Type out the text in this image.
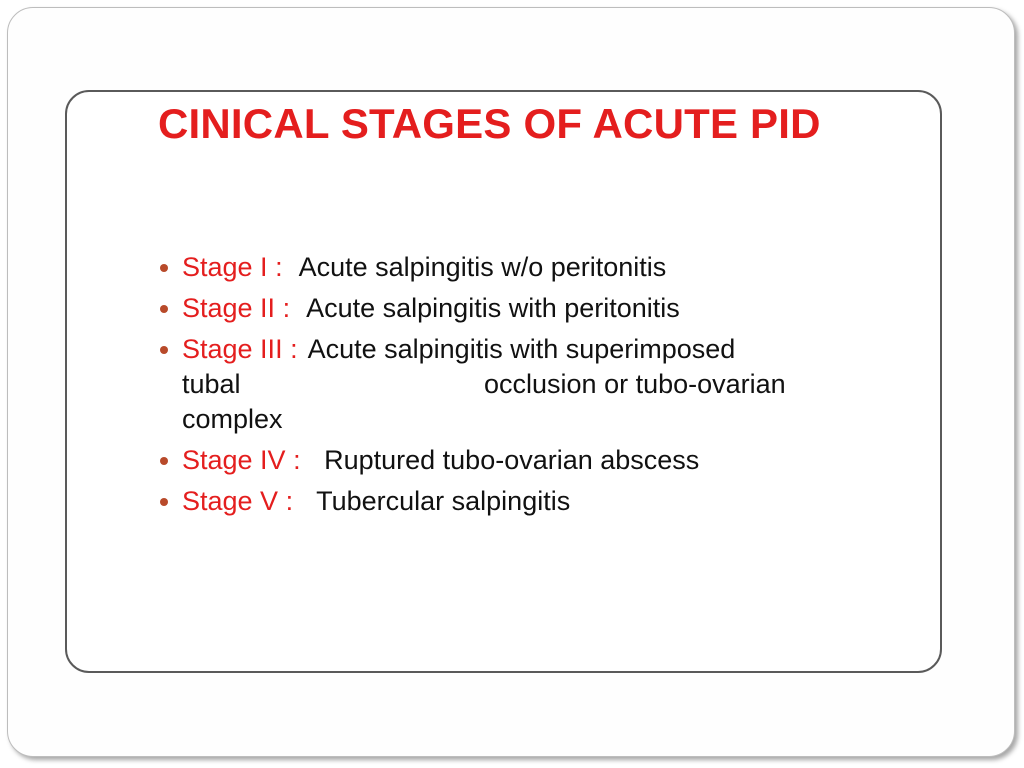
CINICAL STAGES OF ACUTE PID
Stage I : Acute salpingitis w/o peritonitis
Stage II : Acute salpingitis with peritonitis
Stage III : Acute salpingitis with superimposed
tubal	occlusion or tubo-ovarian
complex
Stage IV : Ruptured tubo-ovarian abscess
Stage V : Tubercular salpingitis
